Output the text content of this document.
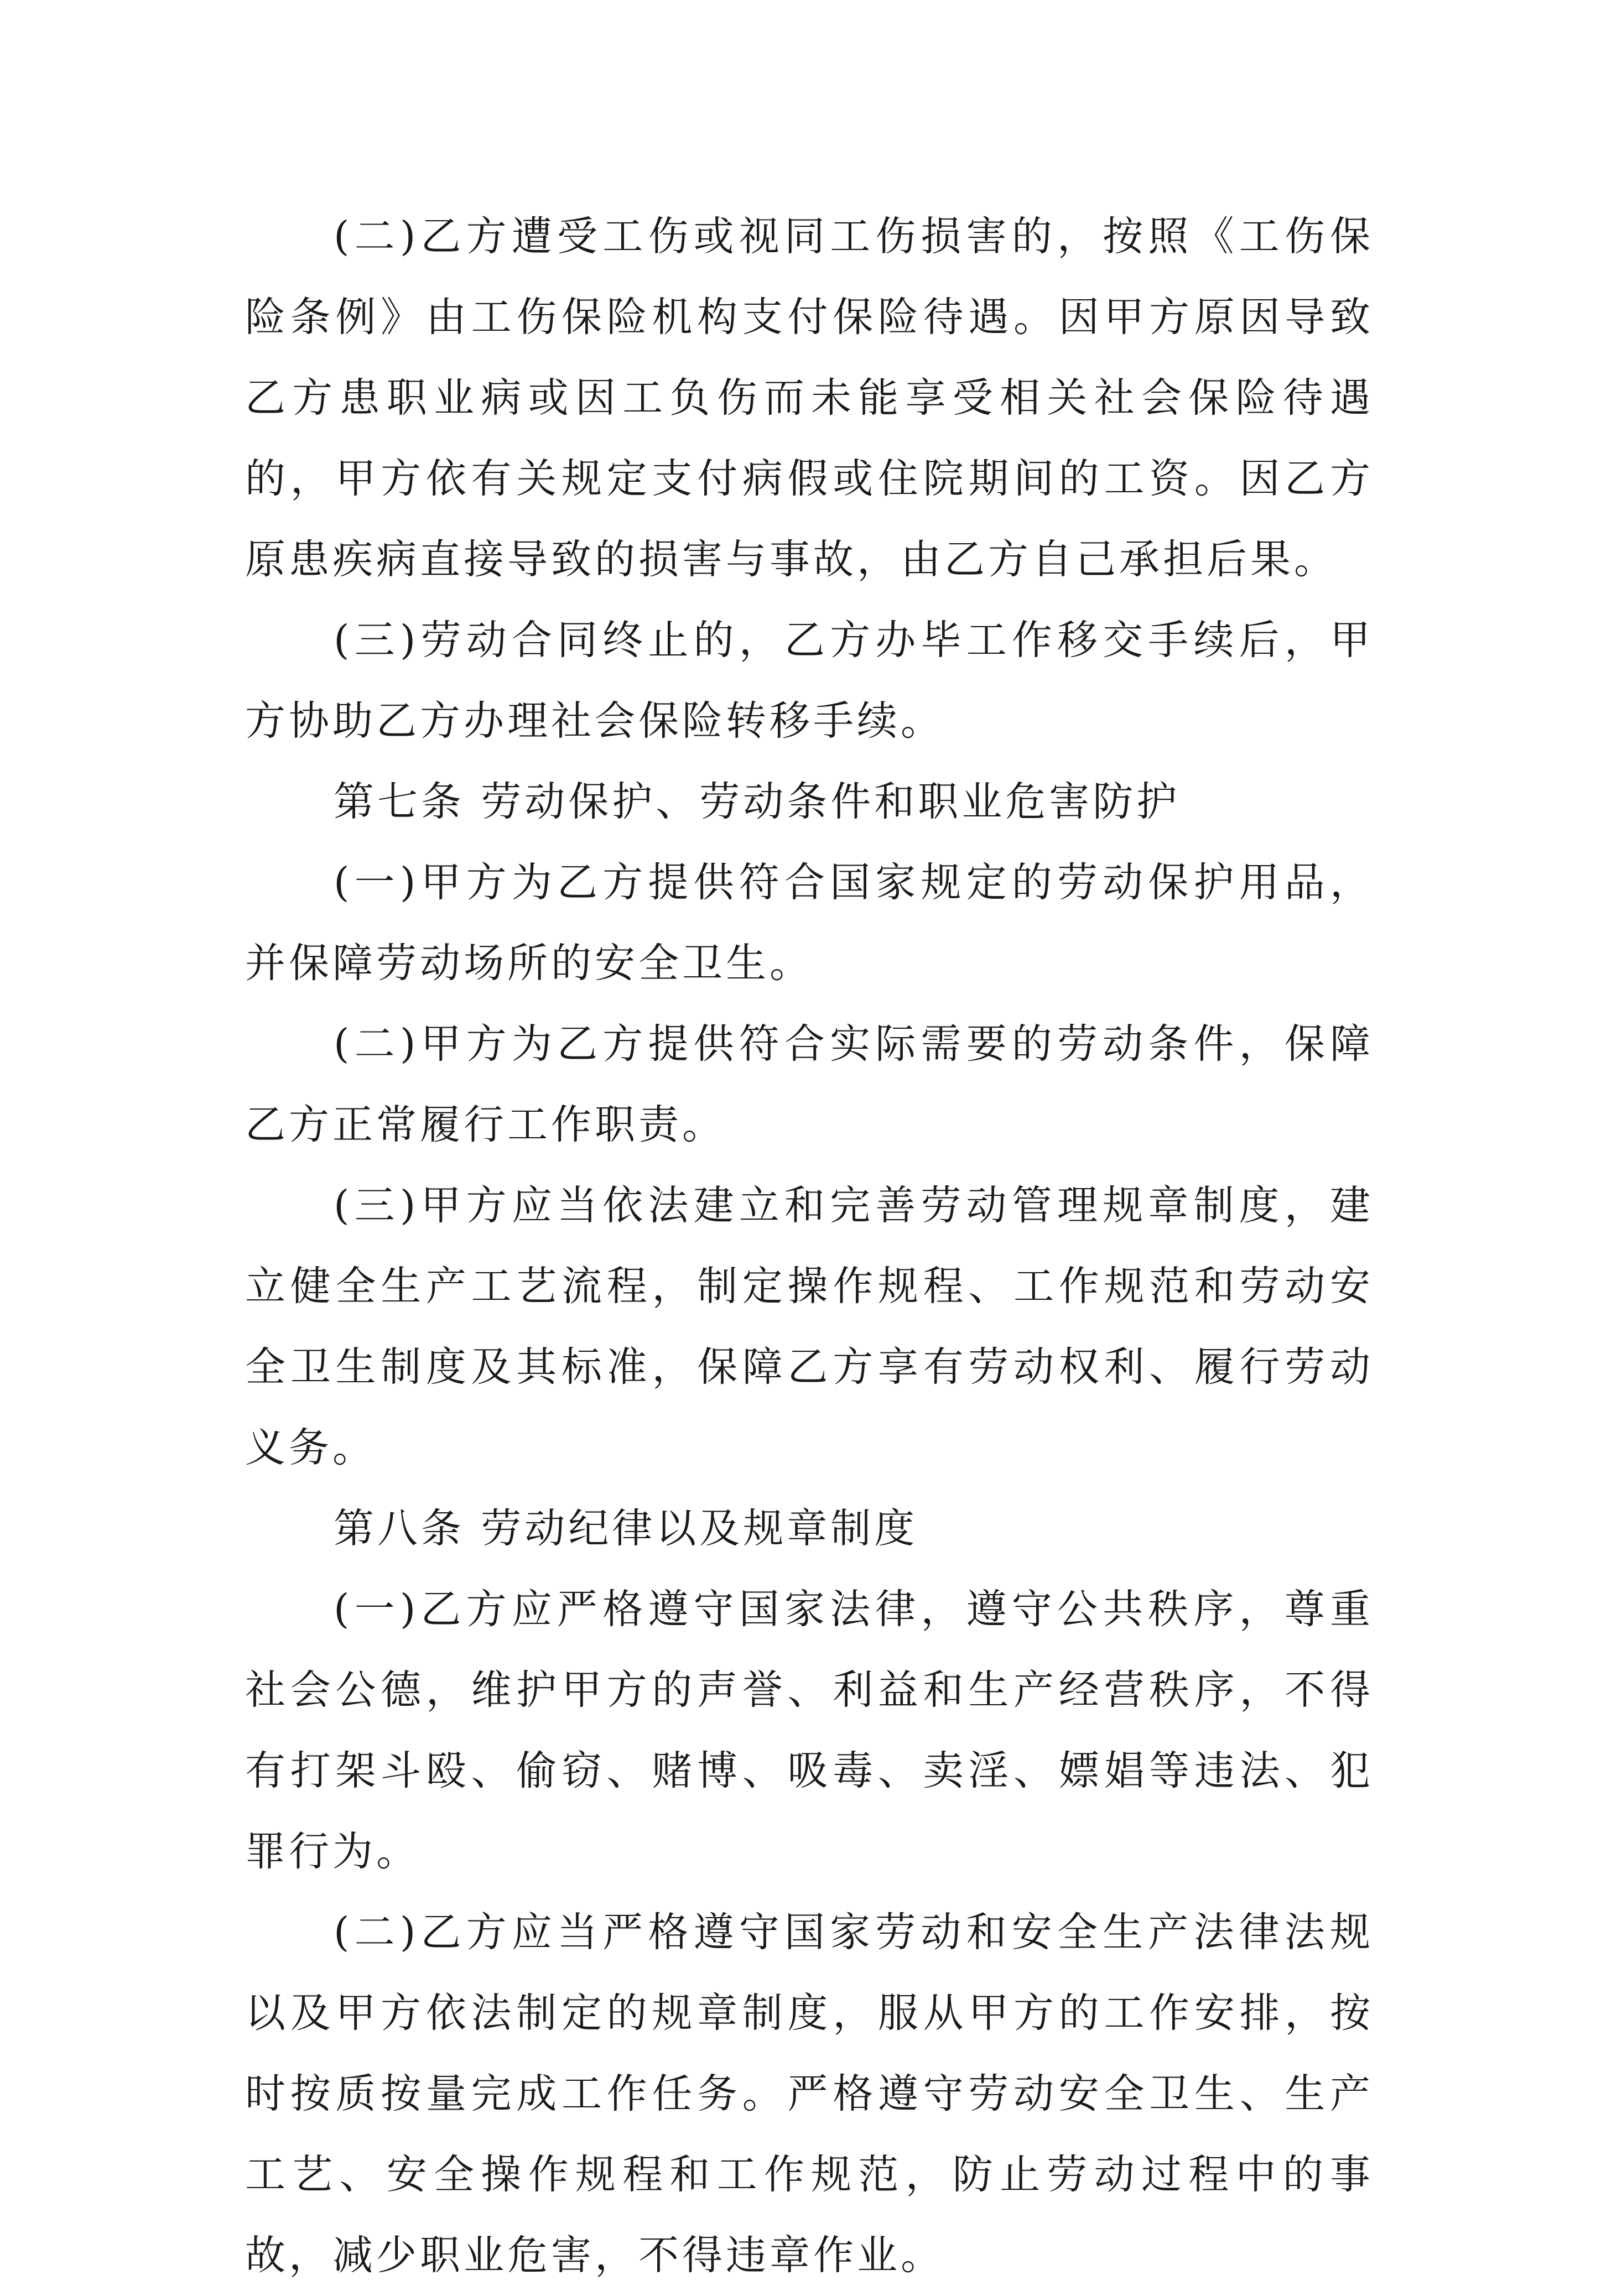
(二)乙方遭受工伤或视同工伤损害的，按照《工伤保险条例》由工伤保险机构支付保险待遇。因甲方原因导致乙方患职业病或因工负伤而未能享受相关社会保险待遇的，甲方依有关规定支付病假或住院期间的工资。因乙方原患疾病直接导致的损害与事故，由乙方自己承担后果。

(三)劳动合同终止的，乙方办毕工作移交手续后，甲方协助乙方办理社会保险转移手续。

第七条 劳动保护、劳动条件和职业危害防护

(一)甲方为乙方提供符合国家规定的劳动保护用品，并保障劳动场所的安全卫生。

(二)甲方为乙方提供符合实际需要的劳动条件，保障乙方正常履行工作职责。

(三)甲方应当依法建立和完善劳动管理规章制度，建立健全生产工艺流程，制定操作规程、工作规范和劳动安全卫生制度及其标准，保障乙方享有劳动权利、履行劳动义务。

第八条 劳动纪律以及规章制度

(一)乙方应严格遵守国家法律，遵守公共秩序，尊重社会公德，维护甲方的声誉、利益和生产经营秩序，不得有打架斗殴、偷窃、赌博、吸毒、卖淫、嫖娼等违法、犯罪行为。

(二)乙方应当严格遵守国家劳动和安全生产法律法规以及甲方依法制定的规章制度，服从甲方的工作安排，按时按质按量完成工作任务。严格遵守劳动安全卫生、生产工艺、安全操作规程和工作规范，防止劳动过程中的事故，减少职业危害，不得违章作业。
